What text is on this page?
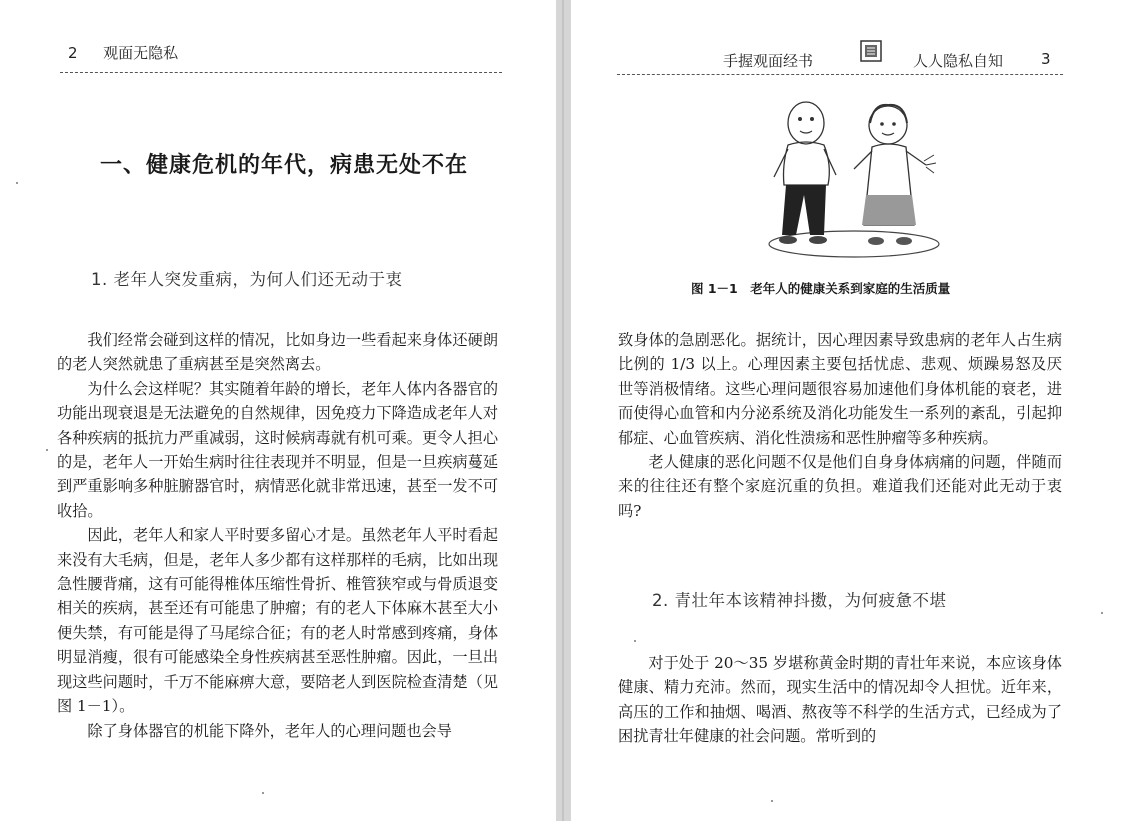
2 观面无隐私
一、健康危机的年代，病患无处不在
1. 老年人突发重病，为何人们还无动于衷

我们经常会碰到这样的情况，比如身边一些看起来身体还硬朗的老人突然就患了重病甚至是突然离去。

为什么会这样呢？其实随着年龄的增长，老年人体内各器官的功能出现衰退是无法避免的自然规律，因免疫力下降造成老年人对各种疾病的抵抗力严重减弱，这时候病毒就有机可乘。更令人担心的是，老年人一开始生病时往往表现并不明显，但是一旦疾病蔓延到严重影响多种脏腑器官时，病情恶化就非常迅速，甚至一发不可收拾。

因此，老年人和家人平时要多留心才是。虽然老年人平时看起来没有大毛病，但是，老年人多少都有这样那样的毛病，比如出现急性腰背痛，这有可能得椎体压缩性骨折、椎管狭窄或与骨质退变相关的疾病，甚至还有可能患了肿瘤；有的老人下体麻木甚至大小便失禁，有可能是得了马尾综合征；有的老人时常感到疼痛，身体明显消瘦，很有可能感染全身性疾病甚至恶性肿瘤。因此，一旦出现这些问题时，千万不能麻痹大意，要陪老人到医院检查清楚（见图 1－1）。

除了身体器官的机能下降外，老年人的心理问题也会导

手握观面经书	人人隐私自知	3
图 1－1　老年人的健康关系到家庭的生活质量

致身体的急剧恶化。据统计，因心理因素导致患病的老年人占生病比例的 1/3 以上。心理因素主要包括忧虑、悲观、烦躁易怒及厌世等消极情绪。这些心理问题很容易加速他们身体机能的衰老，进而使得心血管和内分泌系统及消化功能发生一系列的紊乱，引起抑郁症、心血管疾病、消化性溃疡和恶性肿瘤等多种疾病。

老人健康的恶化问题不仅是他们自身身体病痛的问题，伴随而来的往往还有整个家庭沉重的负担。难道我们还能对此无动于衷吗?

2. 青壮年本该精神抖擞，为何疲惫不堪

对于处于 20～35 岁堪称黄金时期的青壮年来说，本应该身体健康、精力充沛。然而，现实生活中的情况却令人担忧。近年来，高压的工作和抽烟、喝酒、熬夜等不科学的生活方式，已经成为了困扰青壮年健康的社会问题。常听到的
